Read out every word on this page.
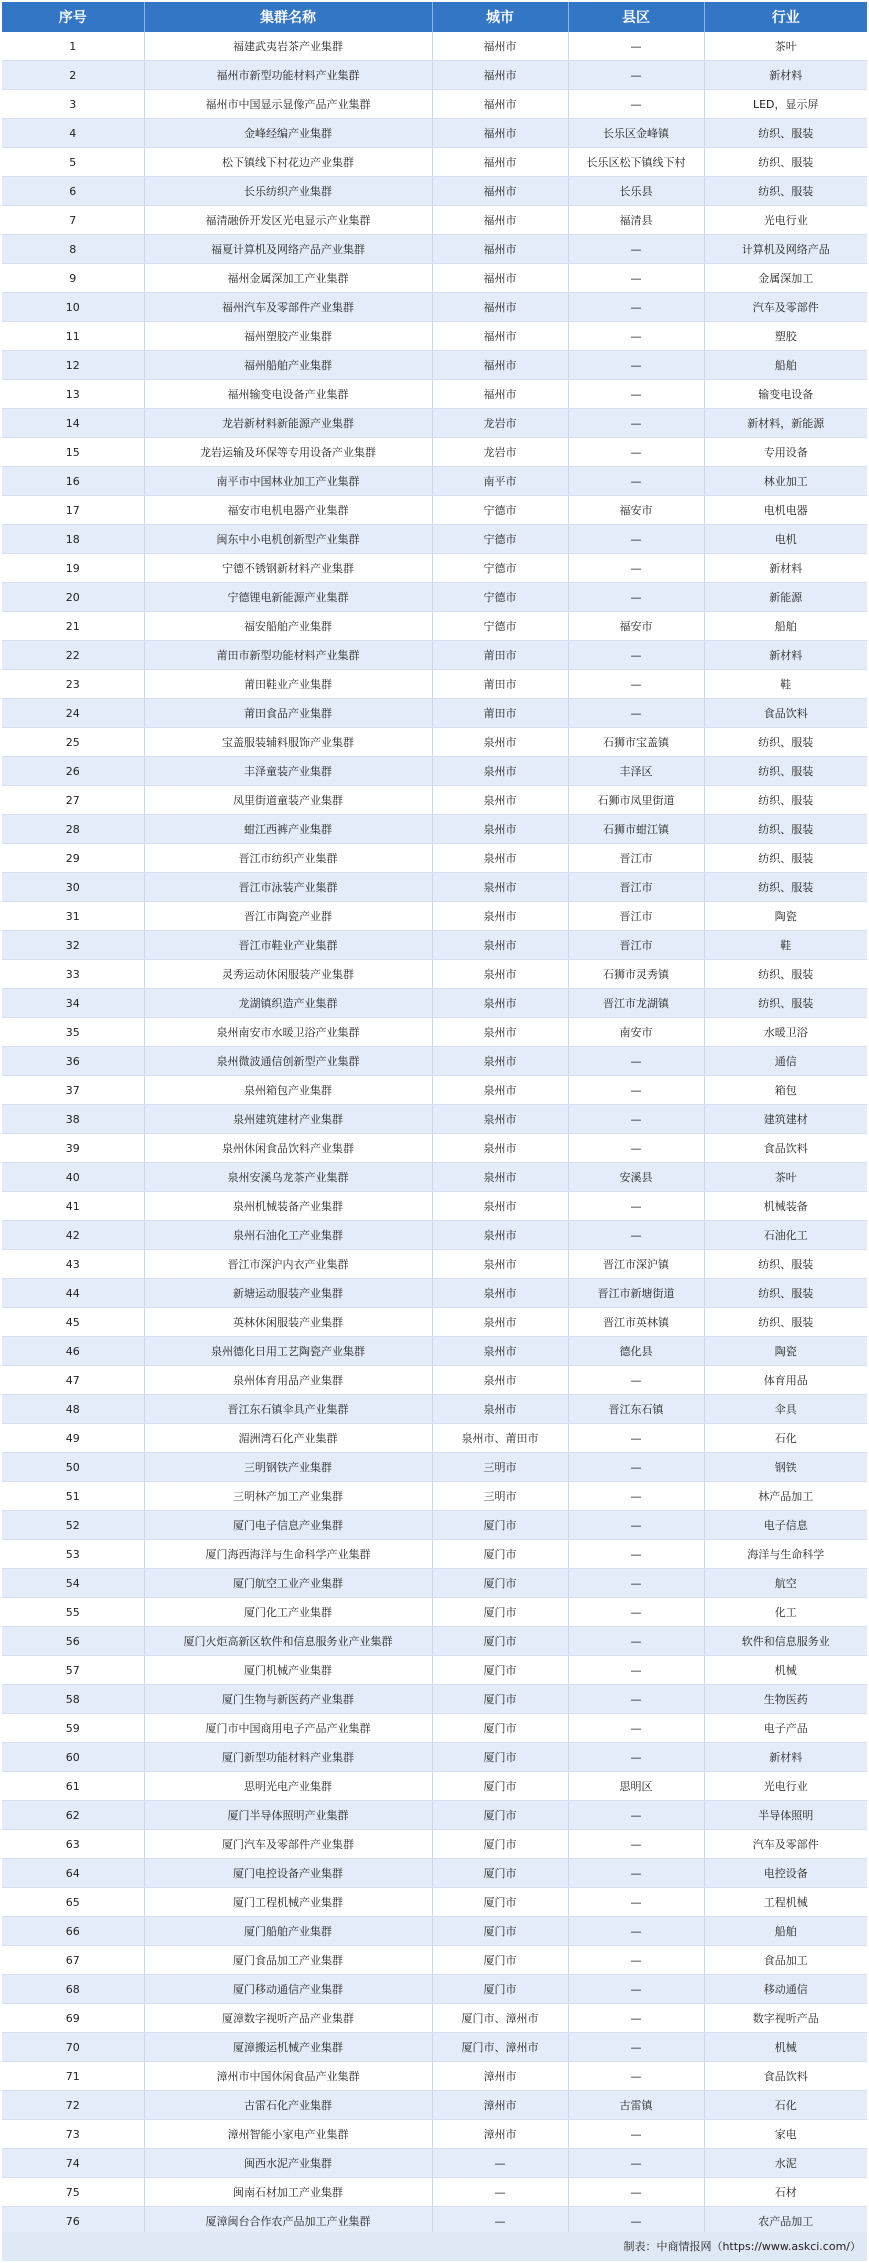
序号	集群名称	城市	县区	行业
1	福建武夷岩茶产业集群	福州市	—	茶叶
2	福州市新型功能材料产业集群	福州市	—	新材料
3	福州市中国显示显像产品产业集群	福州市	—	LED，显示屏
4	金峰经编产业集群	福州市	长乐区金峰镇	纺织、服装
5	松下镇线下村花边产业集群	福州市	长乐区松下镇线下村	纺织、服装
6	长乐纺织产业集群	福州市	长乐县	纺织、服装
7	福清融侨开发区光电显示产业集群	福州市	福清县	光电行业
8	福夏计算机及网络产品产业集群	福州市	—	计算机及网络产品
9	福州金属深加工产业集群	福州市	—	金属深加工
10	福州汽车及零部件产业集群	福州市	—	汽车及零部件
11	福州塑胶产业集群	福州市	—	塑胶
12	福州船舶产业集群	福州市	—	船舶
13	福州输变电设备产业集群	福州市	—	输变电设备
14	龙岩新材料新能源产业集群	龙岩市	—	新材料，新能源
15	龙岩运输及环保等专用设备产业集群	龙岩市	—	专用设备
16	南平市中国林业加工产业集群	南平市	—	林业加工
17	福安市电机电器产业集群	宁德市	福安市	电机电器
18	闽东中小电机创新型产业集群	宁德市	—	电机
19	宁德不锈钢新材料产业集群	宁德市	—	新材料
20	宁德锂电新能源产业集群	宁德市	—	新能源
21	福安船舶产业集群	宁德市	福安市	船舶
22	莆田市新型功能材料产业集群	莆田市	—	新材料
23	莆田鞋业产业集群	莆田市	—	鞋
24	莆田食品产业集群	莆田市	—	食品饮料
25	宝盖服装辅料服饰产业集群	泉州市	石狮市宝盖镇	纺织、服装
26	丰泽童装产业集群	泉州市	丰泽区	纺织、服装
27	凤里街道童装产业集群	泉州市	石狮市凤里街道	纺织、服装
28	蚶江西裤产业集群	泉州市	石狮市蚶江镇	纺织、服装
29	晋江市纺织产业集群	泉州市	晋江市	纺织、服装
30	晋江市泳装产业集群	泉州市	晋江市	纺织、服装
31	晋江市陶瓷产业群	泉州市	晋江市	陶瓷
32	晋江市鞋业产业集群	泉州市	晋江市	鞋
33	灵秀运动休闲服装产业集群	泉州市	石狮市灵秀镇	纺织、服装
34	龙湖镇织造产业集群	泉州市	晋江市龙湖镇	纺织、服装
35	泉州南安市水暖卫浴产业集群	泉州市	南安市	水暖卫浴
36	泉州微波通信创新型产业集群	泉州市	—	通信
37	泉州箱包产业集群	泉州市	—	箱包
38	泉州建筑建材产业集群	泉州市	—	建筑建材
39	泉州休闲食品饮料产业集群	泉州市	—	食品饮料
40	泉州安溪乌龙茶产业集群	泉州市	安溪县	茶叶
41	泉州机械装备产业集群	泉州市	—	机械装备
42	泉州石油化工产业集群	泉州市	—	石油化工
43	晋江市深沪内衣产业集群	泉州市	晋江市深沪镇	纺织、服装
44	新塘运动服装产业集群	泉州市	晋江市新塘街道	纺织、服装
45	英林休闲服装产业集群	泉州市	晋江市英林镇	纺织、服装
46	泉州德化日用工艺陶瓷产业集群	泉州市	德化县	陶瓷
47	泉州体育用品产业集群	泉州市	—	体育用品
48	晋江东石镇伞具产业集群	泉州市	晋江东石镇	伞具
49	湄洲湾石化产业集群	泉州市、莆田市	—	石化
50	三明钢铁产业集群	三明市	—	钢铁
51	三明林产加工产业集群	三明市	—	林产品加工
52	厦门电子信息产业集群	厦门市	—	电子信息
53	厦门海西海洋与生命科学产业集群	厦门市	—	海洋与生命科学
54	厦门航空工业产业集群	厦门市	—	航空
55	厦门化工产业集群	厦门市	—	化工
56	厦门火炬高新区软件和信息服务业产业集群	厦门市	—	软件和信息服务业
57	厦门机械产业集群	厦门市	—	机械
58	厦门生物与新医药产业集群	厦门市	—	生物医药
59	厦门市中国商用电子产品产业集群	厦门市	—	电子产品
60	厦门新型功能材料产业集群	厦门市	—	新材料
61	思明光电产业集群	厦门市	思明区	光电行业
62	厦门半导体照明产业集群	厦门市	—	半导体照明
63	厦门汽车及零部件产业集群	厦门市	—	汽车及零部件
64	厦门电控设备产业集群	厦门市	—	电控设备
65	厦门工程机械产业集群	厦门市	—	工程机械
66	厦门船舶产业集群	厦门市	—	船舶
67	厦门食品加工产业集群	厦门市	—	食品加工
68	厦门移动通信产业集群	厦门市	—	移动通信
69	厦漳数字视听产品产业集群	厦门市、漳州市	—	数字视听产品
70	厦漳搬运机械产业集群	厦门市、漳州市	—	机械
71	漳州市中国休闲食品产业集群	漳州市	—	食品饮料
72	古雷石化产业集群	漳州市	古雷镇	石化
73	漳州智能小家电产业集群	漳州市	—	家电
74	闽西水泥产业集群	—	—	水泥
75	闽南石材加工产业集群	—	—	石材
76	厦漳闽台合作农产品加工产业集群	—	—	农产品加工
制表：中商情报网（https://www.askci.com/）
